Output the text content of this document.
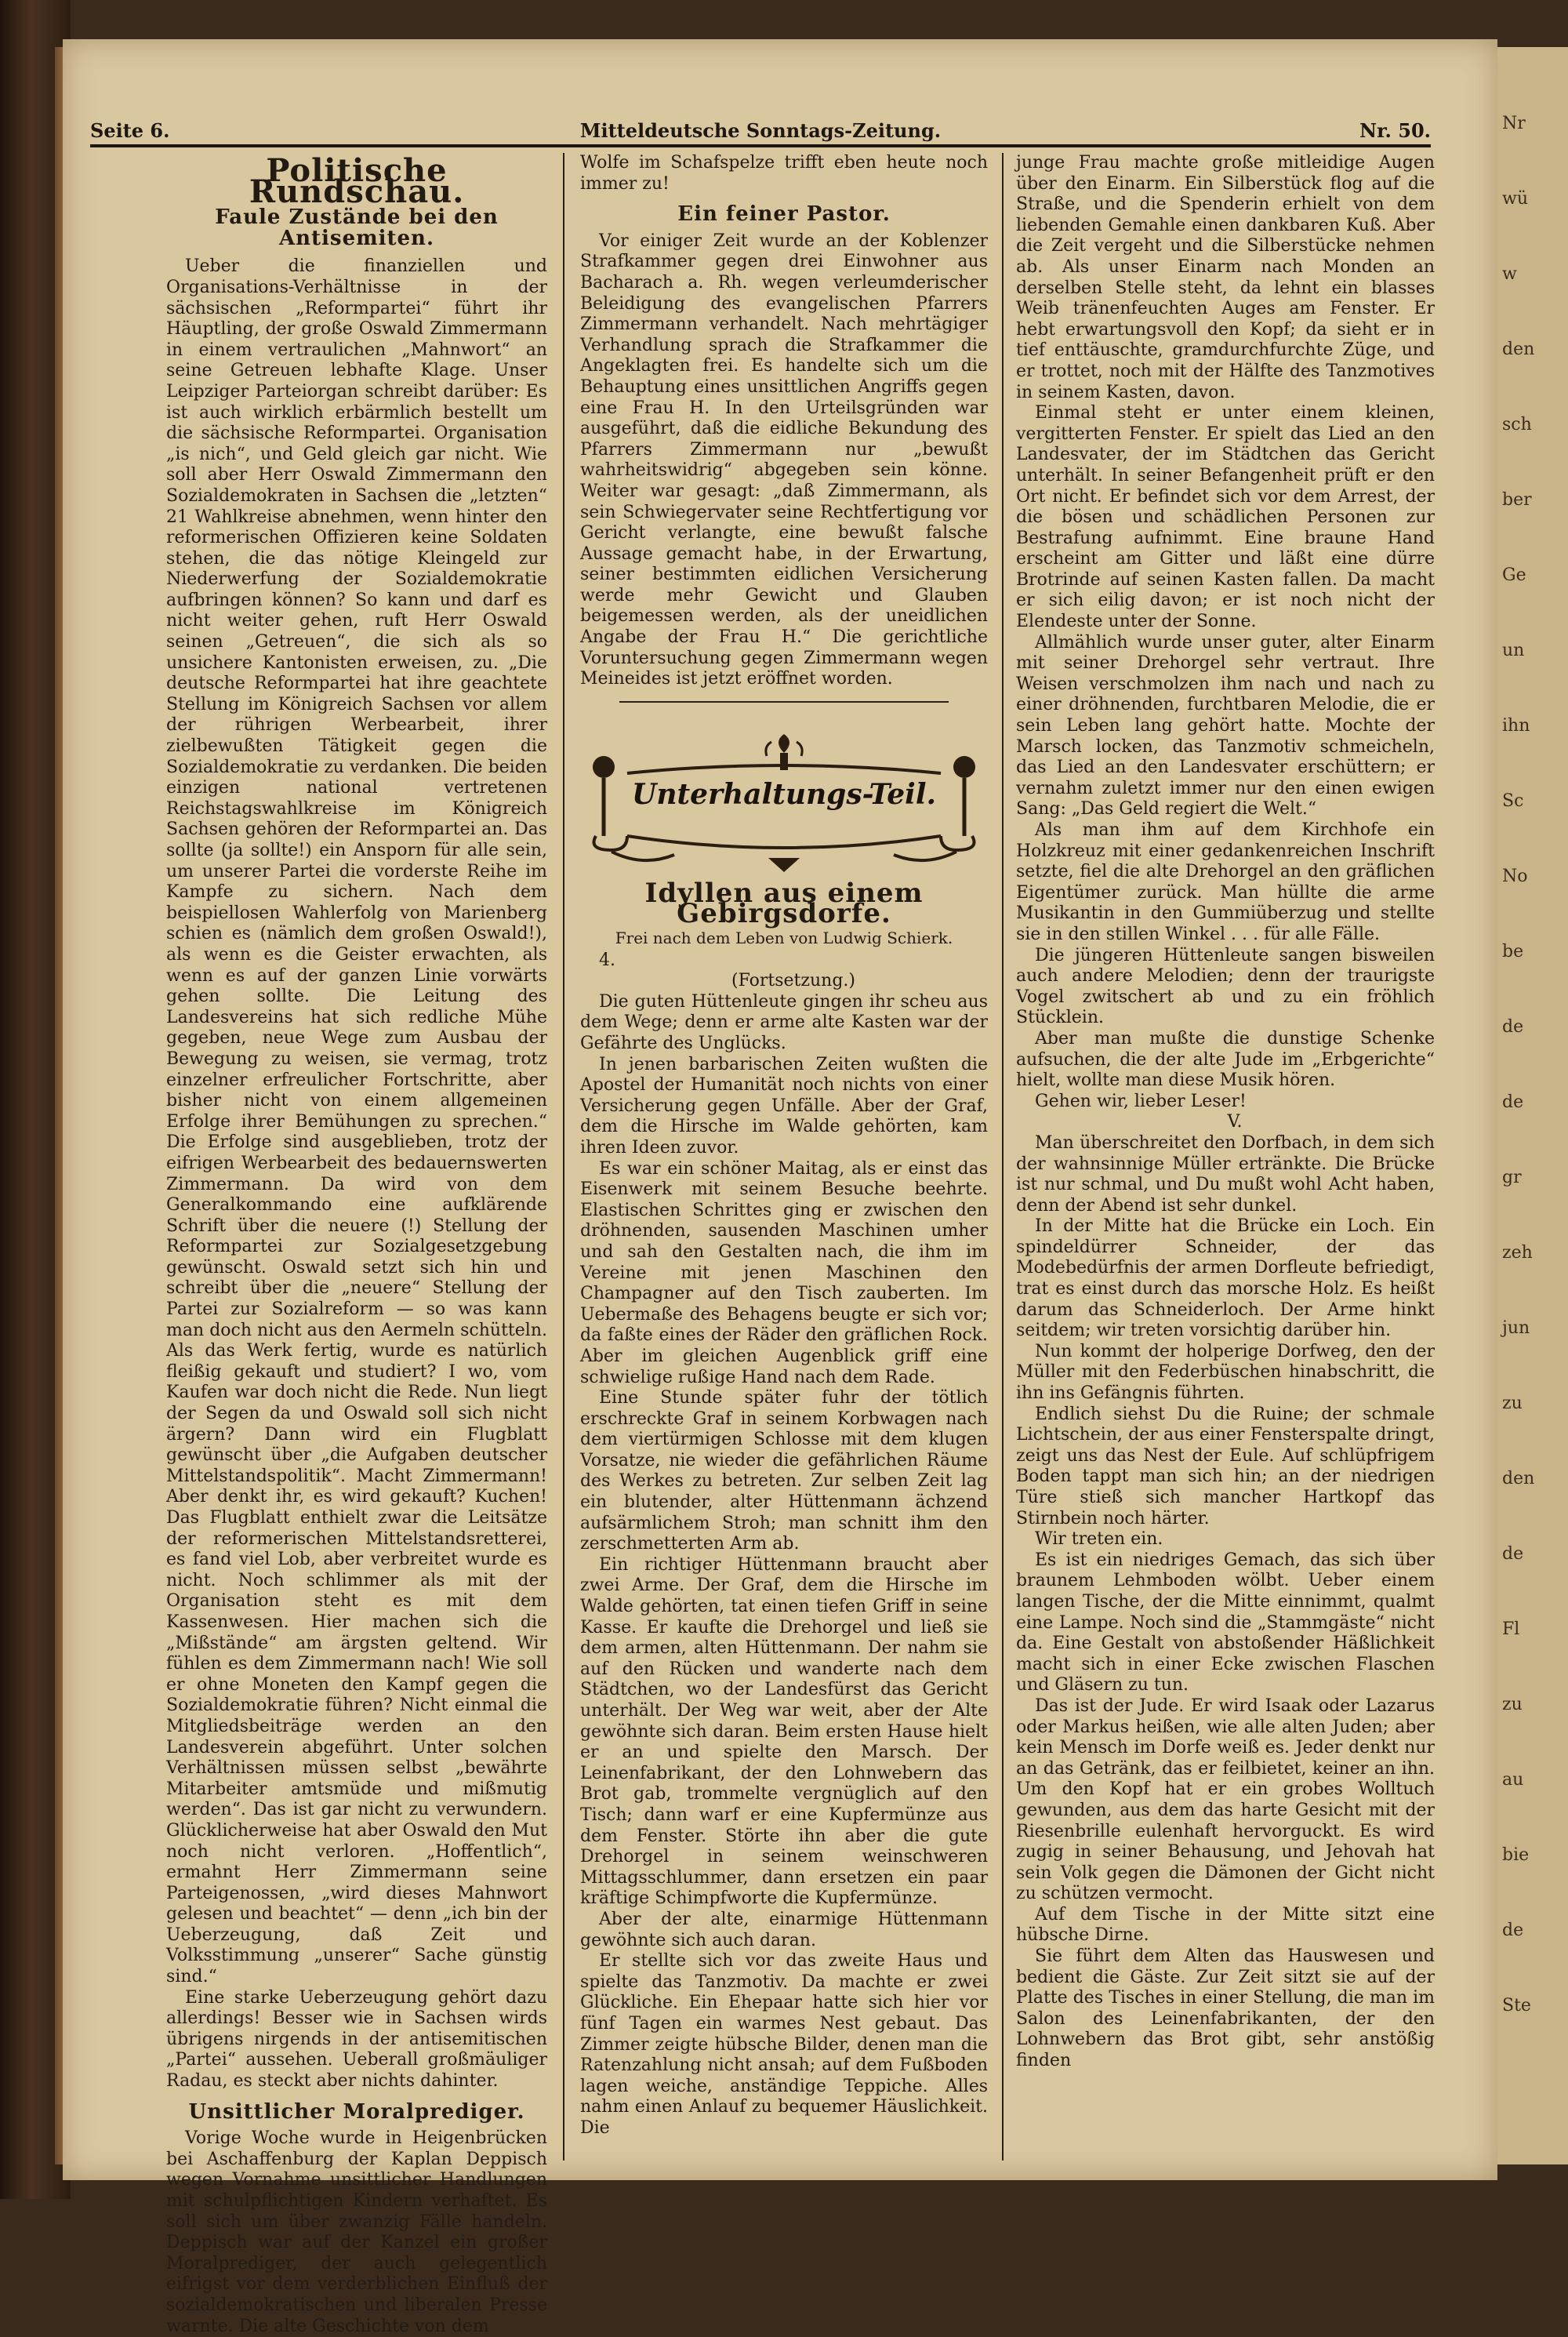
Nr
wü
w
den
sch
ber
Ge
un
ihn
Sc
No
be
de
de
gr
zeh
jun
zu
den
de
Fl
zu
au
bie
de
Ste
Seite 6.	Mitteldeutsche Sonntags-Zeitung.	Nr. 50.
Politische Rundschau.
Faule Zustände bei den Antisemiten.

Ueber die finanziellen und Organisations-Verhältnisse in der sächsischen „Reformpartei“ führt ihr Häuptling, der große Oswald Zimmermann in einem vertraulichen „Mahnwort“ an seine Getreuen lebhafte Klage. Unser Leipziger Parteiorgan schreibt darüber: Es ist auch wirklich erbärmlich bestellt um die sächsische Reformpartei. Organisation „is nich“, und Geld gleich gar nicht. Wie soll aber Herr Oswald Zimmermann den Sozialdemokraten in Sachsen die „letzten“ 21 Wahlkreise abnehmen, wenn hinter den reformerischen Offizieren keine Soldaten stehen, die das nötige Kleingeld zur Niederwerfung der Sozialdemokratie aufbringen können? So kann und darf es nicht weiter gehen, ruft Herr Oswald seinen „Getreuen“, die sich als so unsichere Kantonisten erweisen, zu. „Die deutsche Reformpartei hat ihre geachtete Stellung im Königreich Sachsen vor allem der rührigen Werbearbeit, ihrer zielbewußten Tätigkeit gegen die Sozialdemokratie zu verdanken. Die beiden einzigen national vertretenen Reichstagswahlkreise im Königreich Sachsen gehören der Reformpartei an. Das sollte (ja sollte!) ein Ansporn für alle sein, um unserer Partei die vorderste Reihe im Kampfe zu sichern. Nach dem beispiellosen Wahlerfolg von Marienberg schien es (nämlich dem großen Oswald!), als wenn es die Geister erwachten, als wenn es auf der ganzen Linie vorwärts gehen sollte. Die Leitung des Landesvereins hat sich redliche Mühe gegeben, neue Wege zum Ausbau der Bewegung zu weisen, sie vermag, trotz einzelner erfreulicher Fortschritte, aber bisher nicht von einem allgemeinen Erfolge ihrer Bemühungen zu sprechen.“ Die Erfolge sind ausgeblieben, trotz der eifrigen Werbearbeit des bedauernswerten Zimmermann. Da wird von dem Generalkommando eine aufklärende Schrift über die neuere (!) Stellung der Reformpartei zur Sozialgesetzgebung gewünscht. Oswald setzt sich hin und schreibt über die „neuere“ Stellung der Partei zur Sozialreform — so was kann man doch nicht aus den Aermeln schütteln. Als das Werk fertig, wurde es natürlich fleißig gekauft und studiert? I wo, vom Kaufen war doch nicht die Rede. Nun liegt der Segen da und Oswald soll sich nicht ärgern? Dann wird ein Flugblatt gewünscht über „die Aufgaben deutscher Mittelstandspolitik“. Macht Zimmermann! Aber denkt ihr, es wird gekauft? Kuchen! Das Flugblatt enthielt zwar die Leitsätze der reformerischen Mittelstandsretterei, es fand viel Lob, aber verbreitet wurde es nicht. Noch schlimmer als mit der Organisation steht es mit dem Kassenwesen. Hier machen sich die „Mißstände“ am ärgsten geltend. Wir fühlen es dem Zimmermann nach! Wie soll er ohne Moneten den Kampf gegen die Sozialdemokratie führen? Nicht einmal die Mitgliedsbeiträge werden an den Landesverein abgeführt. Unter solchen Verhältnissen müssen selbst „bewährte Mitarbeiter amtsmüde und mißmutig werden“. Das ist gar nicht zu verwundern. Glücklicherweise hat aber Oswald den Mut noch nicht verloren. „Hoffentlich“, ermahnt Herr Zimmermann seine Parteigenossen, „wird dieses Mahnwort gelesen und beachtet“ — denn „ich bin der Ueberzeugung, daß Zeit und Volksstimmung „unserer“ Sache günstig sind.“

Eine starke Ueberzeugung gehört dazu allerdings! Besser wie in Sachsen wirds übrigens nirgends in der antisemitischen „Partei“ aussehen. Ueberall großmäuliger Radau, es steckt aber nichts dahinter.

Unsittlicher Moralprediger.

Vorige Woche wurde in Heigenbrücken bei Aschaffenburg der Kaplan Deppisch wegen Vornahme unsittlicher Handlungen mit schulpflichtigen Kindern verhaftet. Es soll sich um über zwanzig Fälle handeln. Deppisch war auf der Kanzel ein großer Moralprediger, der auch gelegentlich eifrigst vor dem verderblichen Einfluß der sozialdemokratischen und liberalen Presse warnte. Die alte Geschichte von dem

Wolfe im Schafspelze trifft eben heute noch immer zu!

Ein feiner Pastor.

Vor einiger Zeit wurde an der Koblenzer Strafkammer gegen drei Einwohner aus Bacharach a. Rh. wegen verleumderischer Beleidigung des evangelischen Pfarrers Zimmermann verhandelt. Nach mehrtägiger Verhandlung sprach die Strafkammer die Angeklagten frei. Es handelte sich um die Behauptung eines unsittlichen Angriffs gegen eine Frau H. In den Urteilsgründen war ausgeführt, daß die eidliche Bekundung des Pfarrers Zimmermann nur „bewußt wahrheitswidrig“ abgegeben sein könne. Weiter war gesagt: „daß Zimmermann, als sein Schwiegervater seine Rechtfertigung vor Gericht verlangte, eine bewußt falsche Aussage gemacht habe, in der Erwartung, seiner bestimmten eidlichen Versicherung werde mehr Gewicht und Glauben beigemessen werden, als der uneidlichen Angabe der Frau H.“ Die gerichtliche Voruntersuchung gegen Zimmermann wegen Meineides ist jetzt eröffnet worden.

Unterhaltungs-Teil.
Idyllen aus einem Gebirgsdorfe.
Frei nach dem Leben von Ludwig Schierk.

4.

(Fortsetzung.)

Die guten Hüttenleute gingen ihr scheu aus dem Wege; denn er arme alte Kasten war der Gefährte des Unglücks.

In jenen barbarischen Zeiten wußten die Apostel der Humanität noch nichts von einer Versicherung gegen Unfälle. Aber der Graf, dem die Hirsche im Walde gehörten, kam ihren Ideen zuvor.

Es war ein schöner Maitag, als er einst das Eisenwerk mit seinem Besuche beehrte. Elastischen Schrittes ging er zwischen den dröhnenden, sausenden Maschinen umher und sah den Gestalten nach, die ihm im Vereine mit jenen Maschinen den Champagner auf den Tisch zauberten. Im Uebermaße des Behagens beugte er sich vor; da faßte eines der Räder den gräflichen Rock. Aber im gleichen Augenblick griff eine schwielige rußige Hand nach dem Rade.

Eine Stunde später fuhr der tötlich erschreckte Graf in seinem Korbwagen nach dem viertürmigen Schlosse mit dem klugen Vorsatze, nie wieder die gefährlichen Räume des Werkes zu betreten. Zur selben Zeit lag ein blutender, alter Hüttenmann ächzend aufsärmlichem Stroh; man schnitt ihm den zerschmetterten Arm ab.

Ein richtiger Hüttenmann braucht aber zwei Arme. Der Graf, dem die Hirsche im Walde gehörten, tat einen tiefen Griff in seine Kasse. Er kaufte die Drehorgel und ließ sie dem armen, alten Hüttenmann. Der nahm sie auf den Rücken und wanderte nach dem Städtchen, wo der Landesfürst das Gericht unterhält. Der Weg war weit, aber der Alte gewöhnte sich daran. Beim ersten Hause hielt er an und spielte den Marsch. Der Leinenfabrikant, der den Lohnwebern das Brot gab, trommelte vergnüglich auf den Tisch; dann warf er eine Kupfermünze aus dem Fenster. Störte ihn aber die gute Drehorgel in seinem weinschweren Mittagsschlummer, dann ersetzen ein paar kräftige Schimpfworte die Kupfermünze.

Aber der alte, einarmige Hüttenmann gewöhnte sich auch daran.

Er stellte sich vor das zweite Haus und spielte das Tanzmotiv. Da machte er zwei Glückliche. Ein Ehepaar hatte sich hier vor fünf Tagen ein warmes Nest gebaut. Das Zimmer zeigte hübsche Bilder, denen man die Ratenzahlung nicht ansah; auf dem Fußboden lagen weiche, anständige Teppiche. Alles nahm einen Anlauf zu bequemer Häuslichkeit. Die

junge Frau machte große mitleidige Augen über den Einarm. Ein Silberstück flog auf die Straße, und die Spenderin erhielt von dem liebenden Gemahle einen dankbaren Kuß. Aber die Zeit vergeht und die Silberstücke nehmen ab. Als unser Einarm nach Monden an derselben Stelle steht, da lehnt ein blasses Weib tränenfeuchten Auges am Fenster. Er hebt erwartungsvoll den Kopf; da sieht er in tief enttäuschte, gramdurchfurchte Züge, und er trottet, noch mit der Hälfte des Tanzmotives in seinem Kasten, davon.

Einmal steht er unter einem kleinen, vergitterten Fenster. Er spielt das Lied an den Landesvater, der im Städtchen das Gericht unterhält. In seiner Befangenheit prüft er den Ort nicht. Er befindet sich vor dem Arrest, der die bösen und schädlichen Personen zur Bestrafung aufnimmt. Eine braune Hand erscheint am Gitter und läßt eine dürre Brotrinde auf seinen Kasten fallen. Da macht er sich eilig davon; er ist noch nicht der Elendeste unter der Sonne.

Allmählich wurde unser guter, alter Einarm mit seiner Drehorgel sehr vertraut. Ihre Weisen verschmolzen ihm nach und nach zu einer dröhnenden, furchtbaren Melodie, die er sein Leben lang gehört hatte. Mochte der Marsch locken, das Tanzmotiv schmeicheln, das Lied an den Landesvater erschüttern; er vernahm zuletzt immer nur den einen ewigen Sang: „Das Geld regiert die Welt.“

Als man ihm auf dem Kirchhofe ein Holzkreuz mit einer gedankenreichen Inschrift setzte, fiel die alte Drehorgel an den gräflichen Eigentümer zurück. Man hüllte die arme Musikantin in den Gummiüberzug und stellte sie in den stillen Winkel . . . für alle Fälle.

Die jüngeren Hüttenleute sangen bisweilen auch andere Melodien; denn der traurigste Vogel zwitschert ab und zu ein fröhlich Stücklein.

Aber man mußte die dunstige Schenke aufsuchen, die der alte Jude im „Erbgerichte“ hielt, wollte man diese Musik hören.

Gehen wir, lieber Leser!

V.

Man überschreitet den Dorfbach, in dem sich der wahnsinnige Müller ertränkte. Die Brücke ist nur schmal, und Du mußt wohl Acht haben, denn der Abend ist sehr dunkel.

In der Mitte hat die Brücke ein Loch. Ein spindeldürrer Schneider, der das Modebedürfnis der armen Dorfleute befriedigt, trat es einst durch das morsche Holz. Es heißt darum das Schneiderloch. Der Arme hinkt seitdem; wir treten vorsichtig darüber hin.

Nun kommt der holperige Dorfweg, den der Müller mit den Federbüschen hinabschritt, die ihn ins Gefängnis führten.

Endlich siehst Du die Ruine; der schmale Lichtschein, der aus einer Fensterspalte dringt, zeigt uns das Nest der Eule. Auf schlüpfrigem Boden tappt man sich hin; an der niedrigen Türe stieß sich mancher Hartkopf das Stirnbein noch härter.

Wir treten ein.

Es ist ein niedriges Gemach, das sich über braunem Lehmboden wölbt. Ueber einem langen Tische, der die Mitte einnimmt, qualmt eine Lampe. Noch sind die „Stammgäste“ nicht da. Eine Gestalt von abstoßender Häßlichkeit macht sich in einer Ecke zwischen Flaschen und Gläsern zu tun.

Das ist der Jude. Er wird Isaak oder Lazarus oder Markus heißen, wie alle alten Juden; aber kein Mensch im Dorfe weiß es. Jeder denkt nur an das Getränk, das er feilbietet, keiner an ihn. Um den Kopf hat er ein grobes Wolltuch gewunden, aus dem das harte Gesicht mit der Riesenbrille eulenhaft hervorguckt. Es wird zugig in seiner Behausung, und Jehovah hat sein Volk gegen die Dämonen der Gicht nicht zu schützen vermocht.

Auf dem Tische in der Mitte sitzt eine hübsche Dirne.

Sie führt dem Alten das Hauswesen und bedient die Gäste. Zur Zeit sitzt sie auf der Platte des Tisches in einer Stellung, die man im Salon des Leinenfabrikanten, der den Lohnwebern das Brot gibt, sehr anstößig finden
